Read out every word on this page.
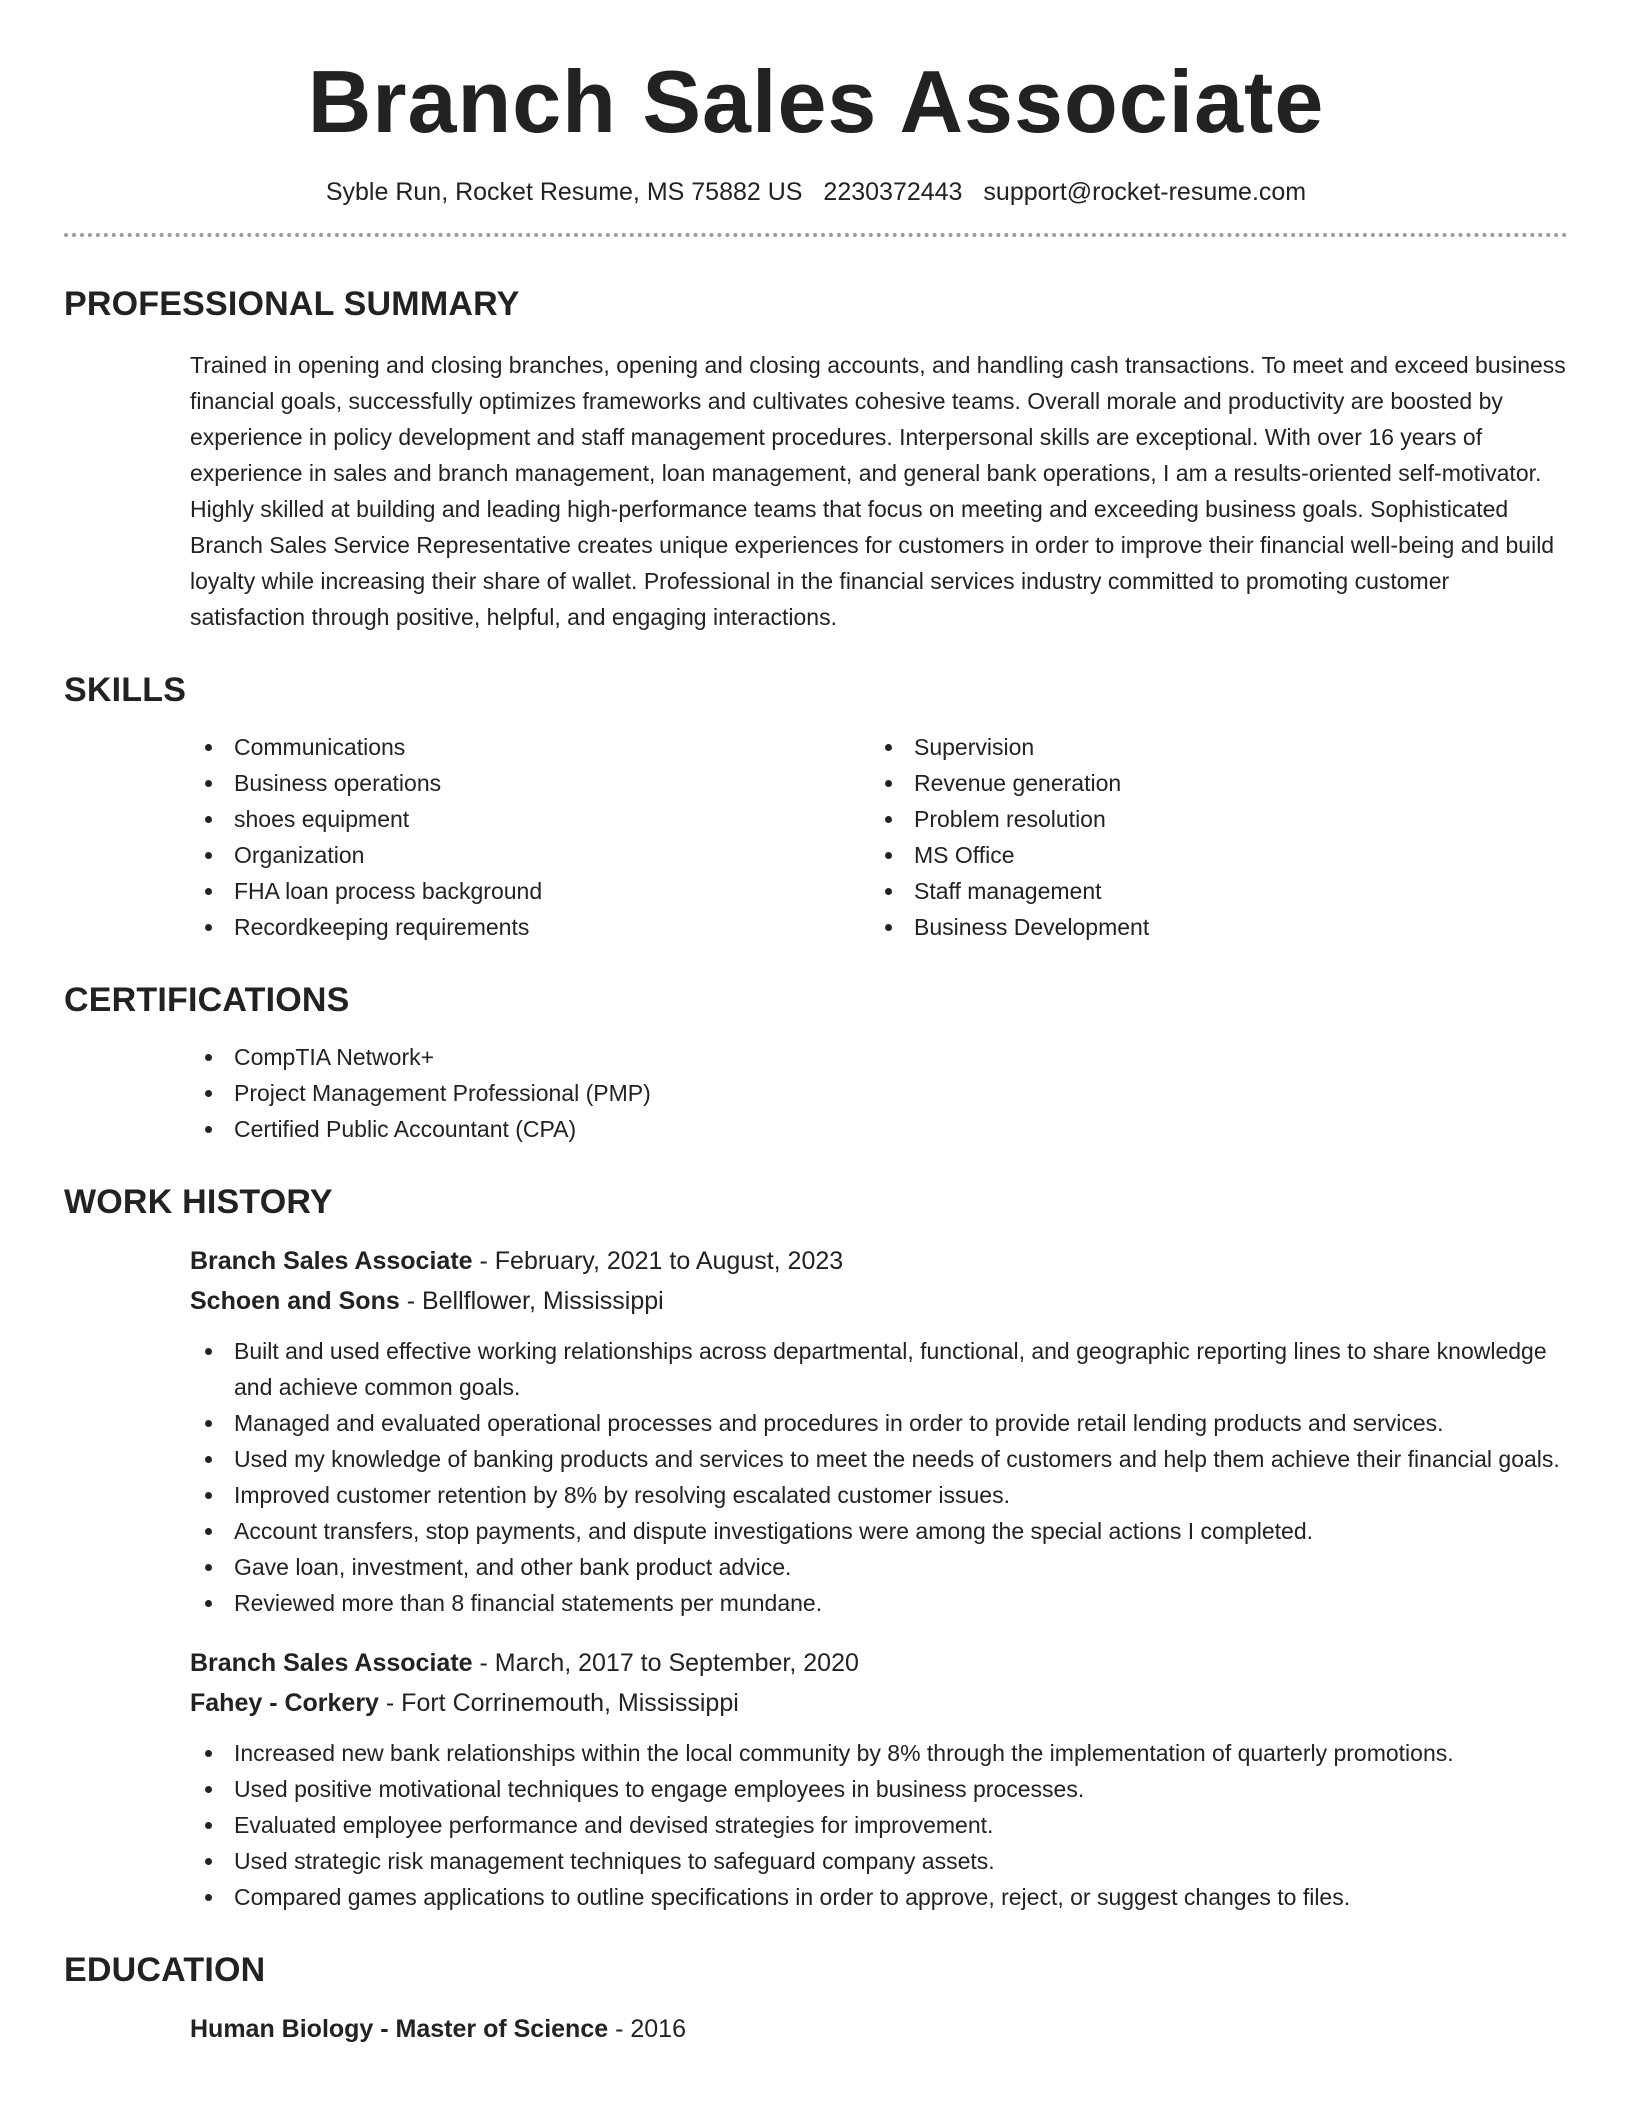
Branch Sales Associate
Syble Run, Rocket Resume, MS 75882 US 2230372443 support@rocket-resume.com
PROFESSIONAL SUMMARY

Trained in opening and closing branches, opening and closing accounts, and handling cash transactions. To meet and exceed business financial goals, successfully optimizes frameworks and cultivates cohesive teams. Overall morale and productivity are boosted by experience in policy development and staff management procedures. Interpersonal skills are exceptional. With over 16 years of experience in sales and branch management, loan management, and general bank operations, I am a results-oriented self-motivator. Highly skilled at building and leading high-performance teams that focus on meeting and exceeding business goals. Sophisticated Branch Sales Service Representative creates unique experiences for customers in order to improve their financial well-being and build loyalty while increasing their share of wallet. Professional in the financial services industry committed to promoting customer satisfaction through positive, helpful, and engaging interactions.

SKILLS
Communications
Business operations
shoes equipment
Organization
FHA loan process background
Recordkeeping requirements
Supervision
Revenue generation
Problem resolution
MS Office
Staff management
Business Development
CERTIFICATIONS
CompTIA Network+
Project Management Professional (PMP)
Certified Public Accountant (CPA)
WORK HISTORY
Branch Sales Associate - February, 2021 to August, 2023
Schoen and Sons - Bellflower, Mississippi
Built and used effective working relationships across departmental, functional, and geographic reporting lines to share knowledge and achieve common goals.
Managed and evaluated operational processes and procedures in order to provide retail lending products and services.
Used my knowledge of banking products and services to meet the needs of customers and help them achieve their financial goals.
Improved customer retention by 8% by resolving escalated customer issues.
Account transfers, stop payments, and dispute investigations were among the special actions I completed.
Gave loan, investment, and other bank product advice.
Reviewed more than 8 financial statements per mundane.
Branch Sales Associate - March, 2017 to September, 2020
Fahey - Corkery - Fort Corrinemouth, Mississippi
Increased new bank relationships within the local community by 8% through the implementation of quarterly promotions.
Used positive motivational techniques to engage employees in business processes.
Evaluated employee performance and devised strategies for improvement.
Used strategic risk management techniques to safeguard company assets.
Compared games applications to outline specifications in order to approve, reject, or suggest changes to files.
EDUCATION
Human Biology - Master of Science - 2016
